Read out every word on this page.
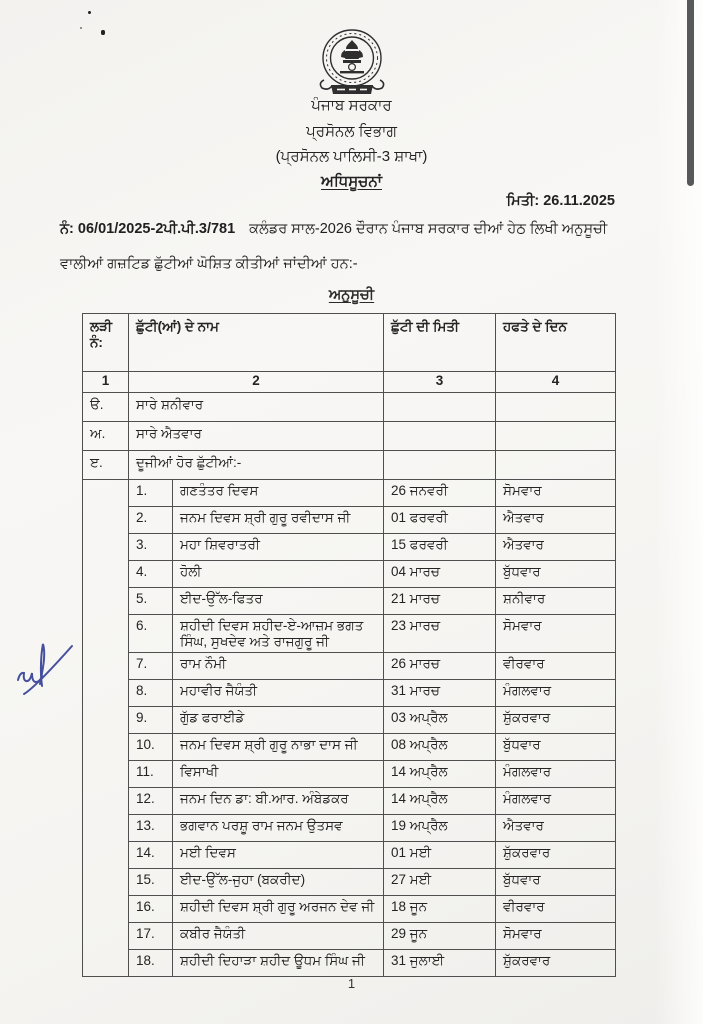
ਪੰਜਾਬ ਸਰਕਾਰ
ਪ੍ਰਸੋਨਲ ਵਿਭਾਗ
(ਪ੍ਰਸੋਨਲ ਪਾਲਿਸੀ-3 ਸ਼ਾਖਾ)
ਅਧਿਸੂਚਨਾਂ
ਮਿਤੀ: 26.11.2025
ਨੰ: 06/01/2025-2ਪੀ.ਪੀ.3/781 ਕਲੰਡਰ ਸਾਲ-2026 ਦੌਰਾਨ ਪੰਜਾਬ ਸਰਕਾਰ ਦੀਆਂ ਹੇਠ ਲਿਖੀ ਅਨੁਸੂਚੀ
ਵਾਲੀਆਂ ਗਜ਼ਟਿਡ ਛੁੱਟੀਆਂ ਘੋਸ਼ਿਤ ਕੀਤੀਆਂ ਜਾਂਦੀਆਂ ਹਨ:-
ਅਨੁਸੂਚੀ
ਲੜੀ ਨੰ:	ਛੁੱਟੀ(ਆਂ) ਦੇ ਨਾਮ		ਛੁੱਟੀ ਦੀ ਮਿਤੀ	ਹਫਤੇ ਦੇ ਦਿਨ
1	2		3	4
ੳ.	ਸਾਰੇ ਸ਼ਨੀਵਾਰ			
ਅ.	ਸਾਰੇ ਐਤਵਾਰ			
ੲ.	ਦੂਜੀਆਂ ਹੋਰ ਛੁੱਟੀਆਂ:-			
	1.	ਗਣਤੰਤਰ ਦਿਵਸ	26 ਜਨਵਰੀ	ਸੋਮਵਾਰ
	2.	ਜਨਮ ਦਿਵਸ ਸ਼੍ਰੀ ਗੁਰੂ ਰਵੀਦਾਸ ਜੀ	01 ਫਰਵਰੀ	ਐਤਵਾਰ
	3.	ਮਹਾ ਸ਼ਿਵਰਾਤਰੀ	15 ਫਰਵਰੀ	ਐਤਵਾਰ
	4.	ਹੋਲੀ	04 ਮਾਰਚ	ਬੁੱਧਵਾਰ
	5.	ਈਦ-ਉੱਲ-ਫਿਤਰ	21 ਮਾਰਚ	ਸ਼ਨੀਵਾਰ
	6.	ਸ਼ਹੀਦੀ ਦਿਵਸ ਸ਼ਹੀਦ-ਏ-ਆਜ਼ਮ ਭਗਤ ਸਿੰਘ, ਸੁਖਦੇਵ ਅਤੇ ਰਾਜਗੁਰੂ ਜੀ	23 ਮਾਰਚ	ਸੋਮਵਾਰ
	7.	ਰਾਮ ਨੌਮੀ	26 ਮਾਰਚ	ਵੀਰਵਾਰ
	8.	ਮਹਾਵੀਰ ਜੈਯੰਤੀ	31 ਮਾਰਚ	ਮੰਗਲਵਾਰ
	9.	ਗੁੱਡ ਫਰਾਈਡੇ	03 ਅਪ੍ਰੈਲ	ਸ਼ੁੱਕਰਵਾਰ
	10.	ਜਨਮ ਦਿਵਸ ਸ਼੍ਰੀ ਗੁਰੂ ਨਾਭਾ ਦਾਸ ਜੀ	08 ਅਪ੍ਰੈਲ	ਬੁੱਧਵਾਰ
	11.	ਵਿਸਾਖੀ	14 ਅਪ੍ਰੈਲ	ਮੰਗਲਵਾਰ
	12.	ਜਨਮ ਦਿਨ ਡਾ: ਬੀ.ਆਰ. ਅੰਬੇਡਕਰ	14 ਅਪ੍ਰੈਲ	ਮੰਗਲਵਾਰ
	13.	ਭਗਵਾਨ ਪਰਸ਼ੂ ਰਾਮ ਜਨਮ ਉਤਸਵ	19 ਅਪ੍ਰੈਲ	ਐਤਵਾਰ
	14.	ਮਈ ਦਿਵਸ	01 ਮਈ	ਸ਼ੁੱਕਰਵਾਰ
	15.	ਈਦ-ਉੱਲ-ਜੁਹਾ (ਬਕਰੀਦ)	27 ਮਈ	ਬੁੱਧਵਾਰ
	16.	ਸ਼ਹੀਦੀ ਦਿਵਸ ਸ਼੍ਰੀ ਗੁਰੂ ਅਰਜਨ ਦੇਵ ਜੀ	18 ਜੂਨ	ਵੀਰਵਾਰ
	17.	ਕਬੀਰ ਜੈਯੰਤੀ	29 ਜੂਨ	ਸੋਮਵਾਰ
	18.	ਸ਼ਹੀਦੀ ਦਿਹਾੜਾ ਸ਼ਹੀਦ ਊਧਮ ਸਿੰਘ ਜੀ	31 ਜੁਲਾਈ	ਸ਼ੁੱਕਰਵਾਰ
1
